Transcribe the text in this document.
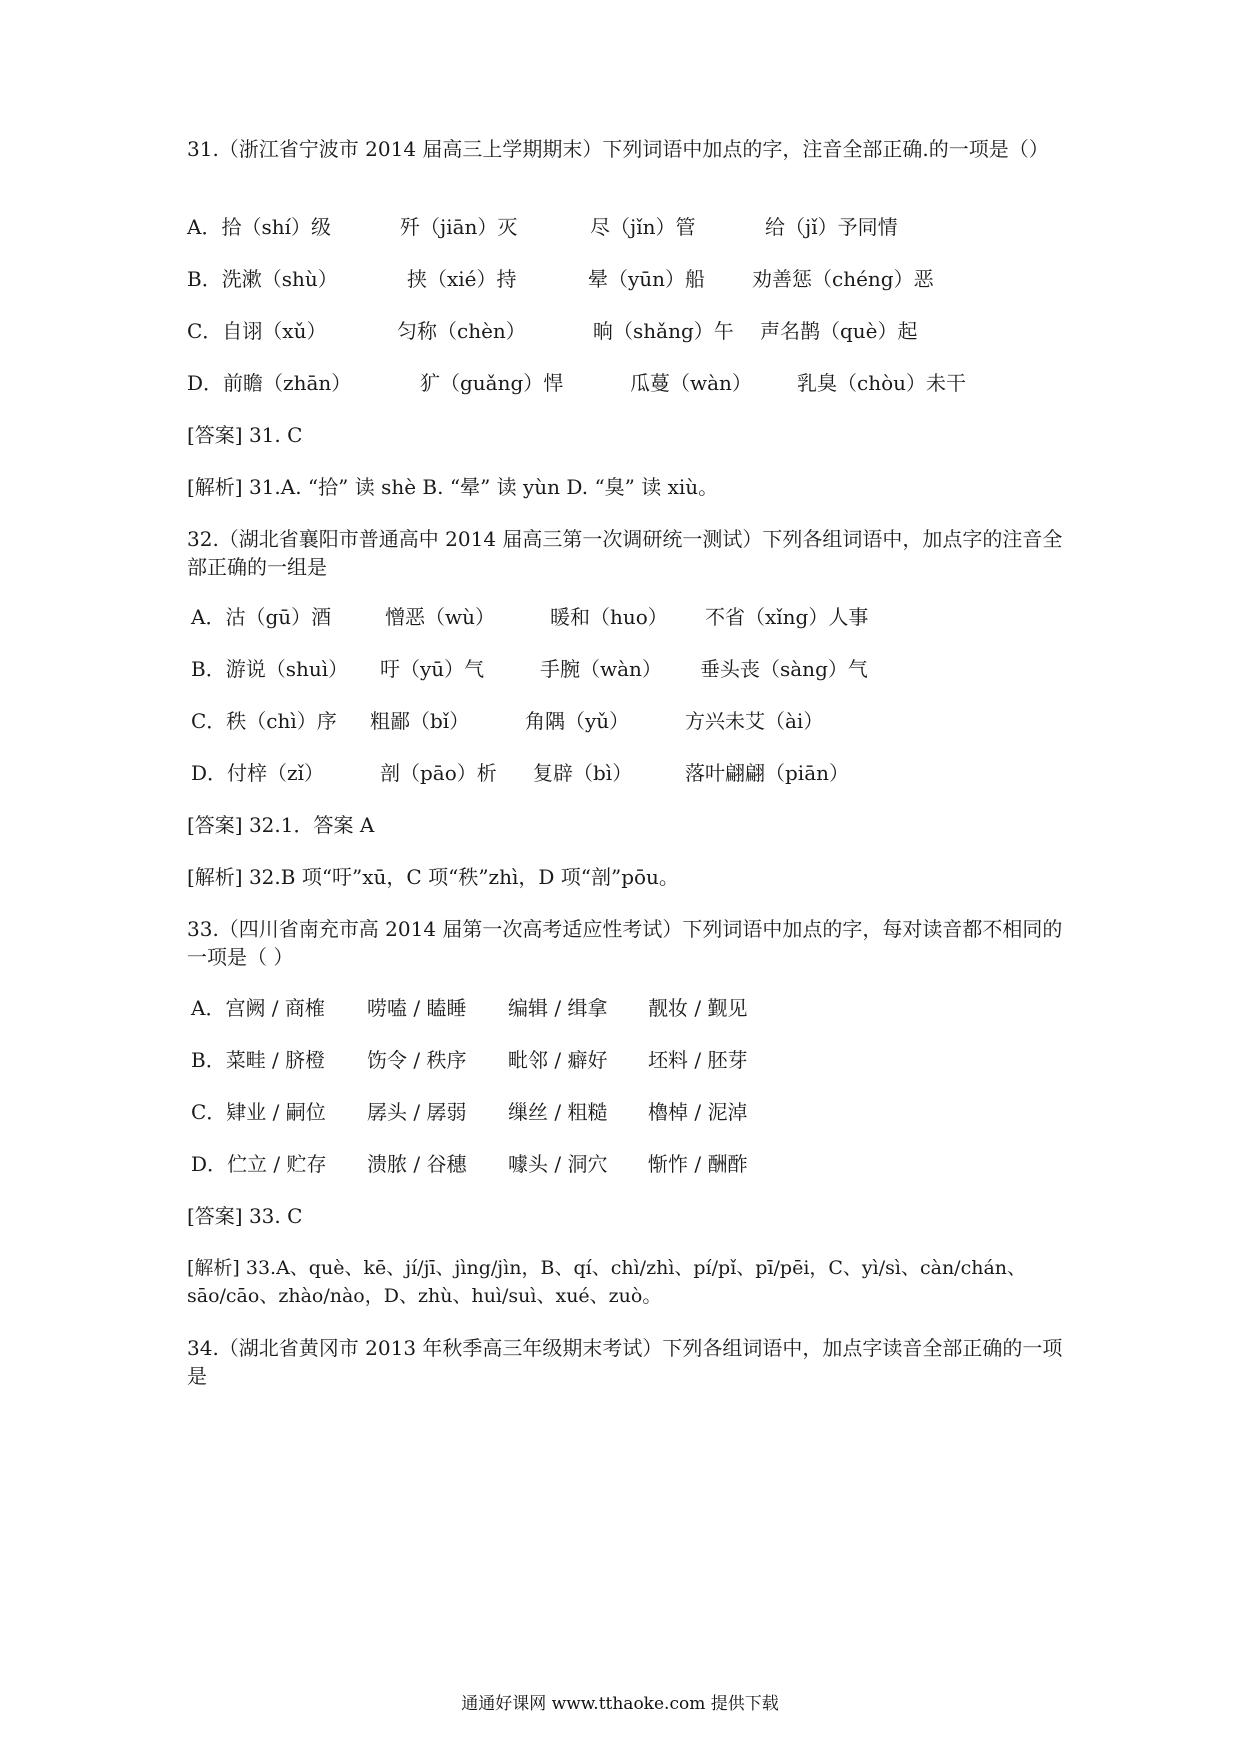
31.（浙江省宁波市 2014 届高三上学期期末）下列词语中加点的字，注音全部正确.的一项是（）
A．拾（shí）级	歼（jiān）灭	尽（jǐn）管	给（jǐ）予同情
B．洗漱（shù）	挟（xié）持	晕（yūn）船 劝善惩（chéng）恶
C．自诩（xǔ）	匀称（chèn）	晌（shǎng）午 声名鹊（què）起
D．前瞻（zhān）	犷（guǎng）悍	瓜蔓（wàn） 乳臭（chòu）未干
[答案] 31. C
[解析] 31.A. “拾” 读 shè B. “晕” 读 yùn D. “臭” 读 xiù。
32.（湖北省襄阳市普通高中 2014 届高三第一次调研统一测试）下列各组词语中，加点字的注音全部正确的一组是
A．沽（gū）酒	憎恶（wù）	暖和（huo） 不省（xǐng）人事
B．游说（shuì） 吁（yū）气	手腕（wàn） 垂头丧（sàng）气
C．秩（chì）序 粗鄙（bǐ）	角隅（yǔ）	方兴未艾（ài）
D．付梓（zǐ）	剖（pāo）析 复辟（bì）	落叶翩翩（piān）
[答案] 32.1．答案 A
[解析] 32.B 项“吁”xū，C 项“秩”zhì，D 项“剖”pōu。
33.（四川省南充市高 2014 届第一次高考适应性考试）下列词语中加点的字，每对读音都不相同的一项是（ ）
A．宫阙 / 商榷 唠嗑 / 瞌睡 编辑 / 缉拿 靓妆 / 觐见
B．菜畦 / 脐橙 饬令 / 秩序 毗邻 / 癖好 坯料 / 胚芽
C．肄业 / 嗣位 孱头 / 孱弱 缫丝 / 粗糙 櫓棹 / 泥淖
D．伫立 / 贮存 溃脓 / 谷穗 噱头 / 洞穴 惭怍 / 酬酢
[答案] 33. C
[解析] 33.A、què、kē、jí/jī、jìng/jìn，B、qí、chì/zhì、pí/pǐ、pī/pēi，C、yì/sì、càn/chán、
sāo/cāo、zhào/nào，D、zhù、huì/suì、xué、zuò。
34.（湖北省黄冈市 2013 年秋季高三年级期末考试）下列各组词语中，加点字读音全部正确的一项是
通通好课网 www.tthaoke.com 提供下载
